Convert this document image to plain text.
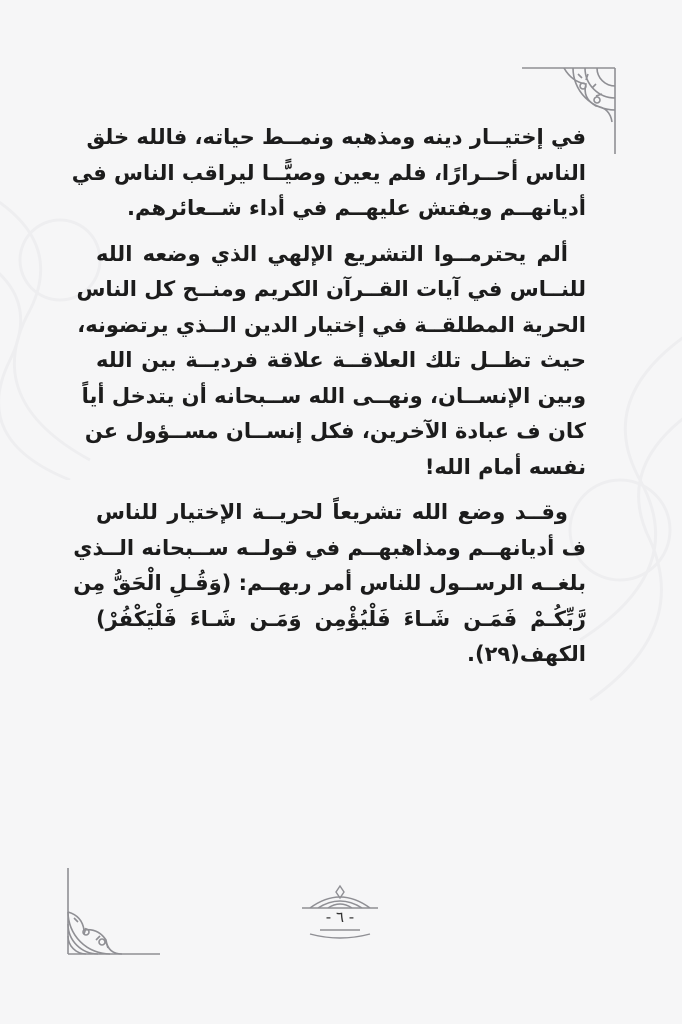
في إختيــار دينه ومذهبه ونمــط حياته، فالله خلق
الناس أحــرارًا، فلم يعين وصيًّــا ليراقب الناس في
أديانهــم ويفتش عليهــم في أداء شــعائرهم.
ألم يحترمــوا التشريع الإلهي الذي وضعه الله
للنــاس في آيات القــرآن الكريم ومنــح كل الناس
الحرية المطلقــة في إختيار الدين الــذي يرتضونه،
حيث تظــل تلك العلاقــة علاقة فرديــة بين الله
وبين الإنســان، ونهــى الله ســبحانه أن يتدخل أياً
كان ف عبادة الآخرين، فكل إنســان مســؤول عن
نفسه أمام الله!
وقــد وضع الله تشريعاً لحريــة الإختيار للناس
ف أديانهــم ومذاهبهــم في قولــه ســبحانه الــذي
بلغــه الرســول للناس أمر ربهــم: (وَقُـلِ الْحَقُّ مِن
رَّبِّكُـمْ فَمَـن شَـاءَ فَلْيُؤْمِن وَمَـن شَـاءَ فَلْيَكْفُرْ)
الكهف(٢٩).
- ٦ -
